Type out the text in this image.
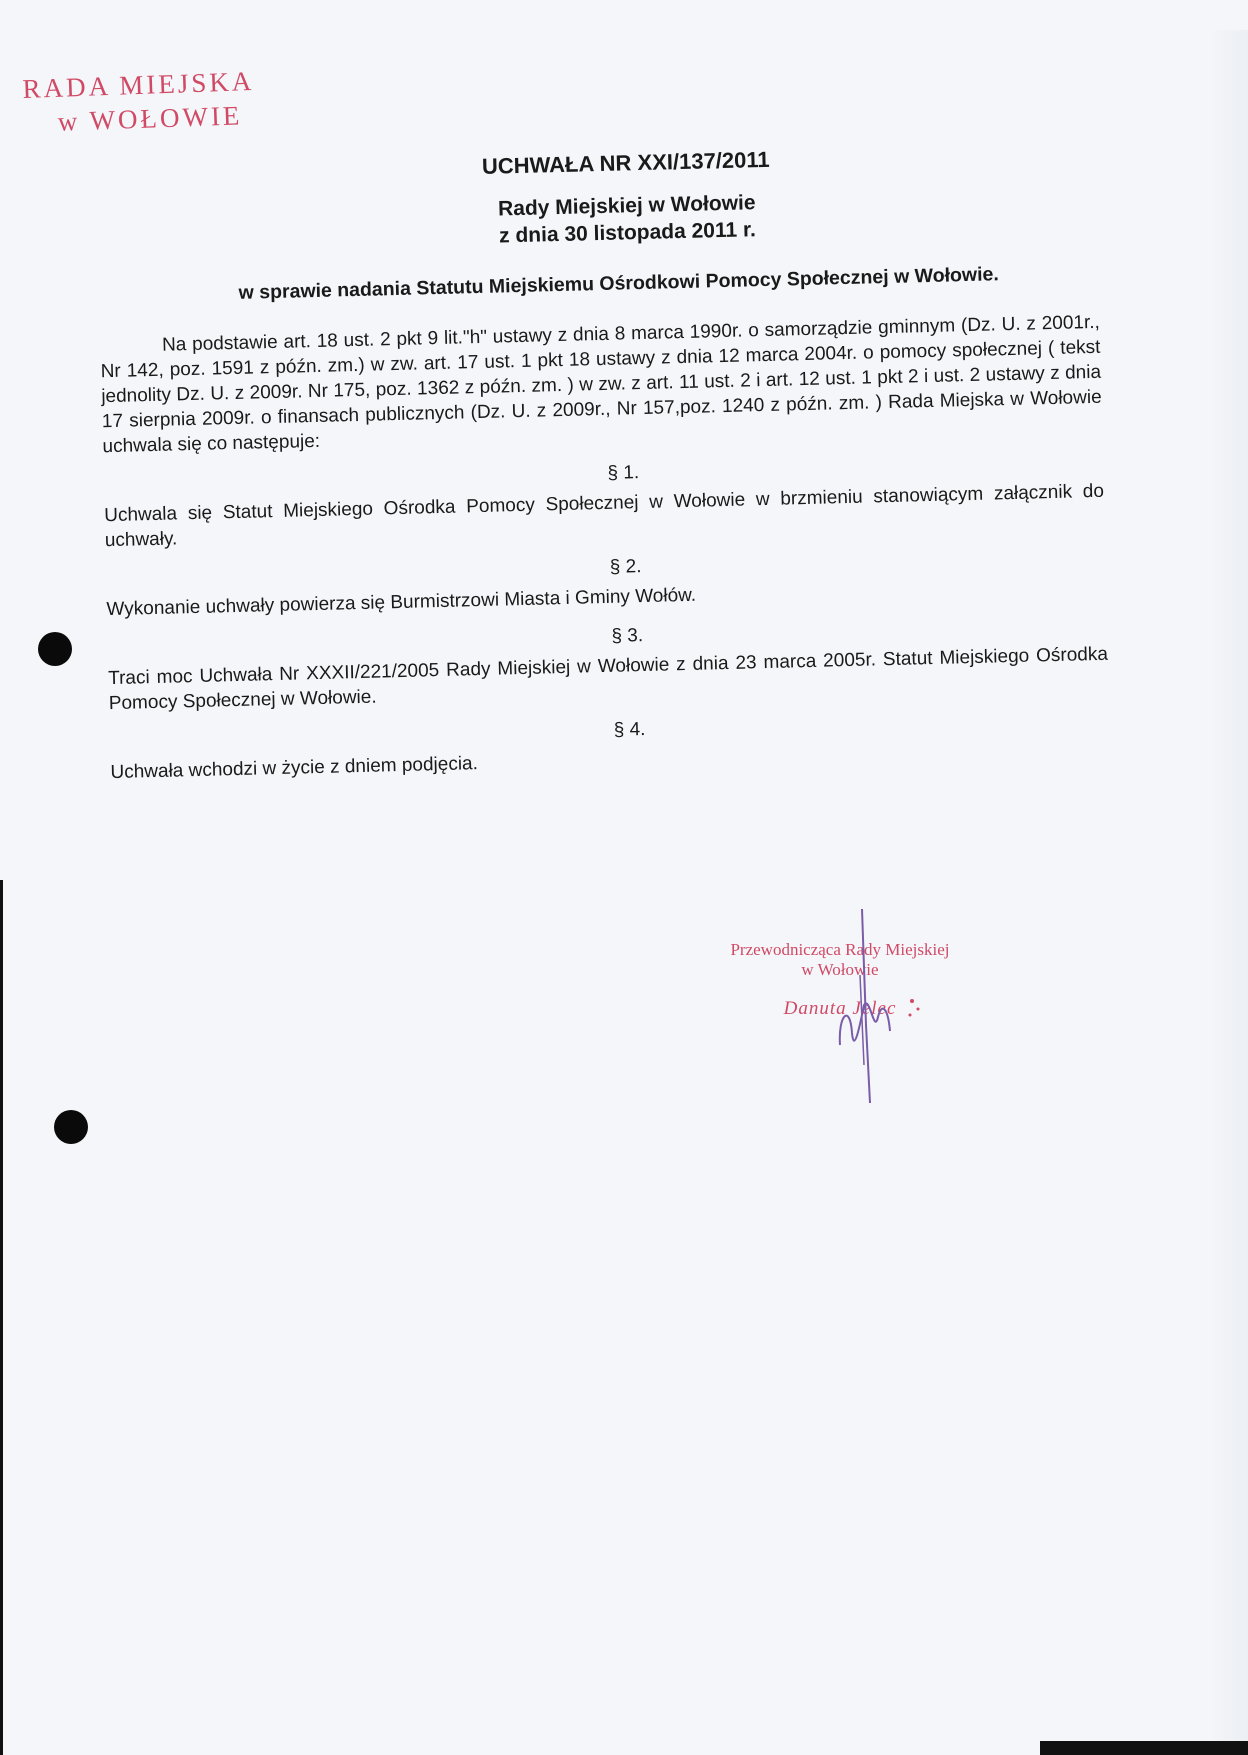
RADA MIEJSKA
w WOŁOWIE
UCHWAŁA NR XXI/137/2011
Rady Miejskiej w Wołowie
z dnia 30 listopada 2011 r.
w sprawie nadania Statutu Miejskiemu Ośrodkowi Pomocy Społecznej w Wołowie.
Na podstawie art. 18 ust. 2 pkt 9 lit."h" ustawy z dnia 8 marca 1990r. o samorządzie gminnym (Dz. U. z 2001r., Nr 142, poz. 1591 z późn. zm.) w zw. art. 17 ust. 1 pkt 18 ustawy z dnia 12 marca 2004r. o pomocy społecznej ( tekst jednolity Dz. U. z 2009r. Nr 175, poz. 1362 z późn. zm. ) w zw. z art. 11 ust. 2 i art. 12 ust. 1 pkt 2 i ust. 2 ustawy z dnia 17 sierpnia 2009r. o finansach publicznych (Dz. U. z 2009r., Nr 157,poz. 1240 z późn. zm. ) Rada Miejska w Wołowie uchwala się co następuje:
§ 1.
Uchwala się Statut Miejskiego Ośrodka Pomocy Społecznej w Wołowie w brzmieniu stanowiącym załącznik do uchwały.
§ 2.
Wykonanie uchwały powierza się Burmistrzowi Miasta i Gminy Wołów.
§ 3.
Traci moc Uchwała Nr XXXII/221/2005 Rady Miejskiej w Wołowie z dnia 23 marca 2005r. Statut Miejskiego Ośrodka Pomocy Społecznej w Wołowie.
§ 4.
Uchwała wchodzi w życie z dniem podjęcia.
Przewodnicząca Rady Miejskiej
w Wołowie
Danuta Jelec
